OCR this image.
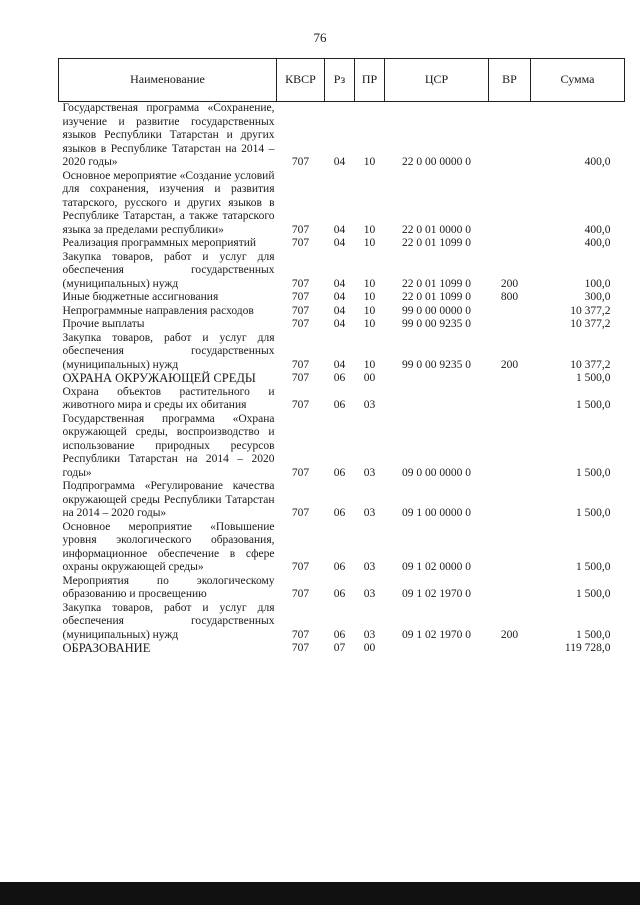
76
Наименование	КВСР	Рз	ПР	ЦСР	ВР	Сумма
Государственая программа «Сохранение, изучение и развитие государственных языков Республики Татарстан и других языков в Республике Татарстан на 2014 – 2020 годы»	707	04	10	22 0 00 0000 0		400,0
Основное мероприятие «Создание условий для сохранения, изучения и развития татарского, русского и других языков в Республике Татарстан, а также татарского языка за пределами республики»	707	04	10	22 0 01 0000 0		400,0
Реализация программных мероприятий	707	04	10	22 0 01 1099 0		400,0
Закупка товаров, работ и услуг для обеспечения государственных (муниципальных) нужд	707	04	10	22 0 01 1099 0	200	100,0
Иные бюджетные ассигнования	707	04	10	22 0 01 1099 0	800	300,0
Непрограммные направления расходов	707	04	10	99 0 00 0000 0		10 377,2
Прочие выплаты	707	04	10	99 0 00 9235 0		10 377,2
Закупка товаров, работ и услуг для обеспечения государственных (муниципальных) нужд	707	04	10	99 0 00 9235 0	200	10 377,2
ОХРАНА ОКРУЖАЮЩЕЙ СРЕДЫ	707	06	00			1 500,0
Охрана объектов растительного и животного мира и среды их обитания	707	06	03			1 500,0
Государственная программа «Охрана окружающей среды, воспроизводство и использование природных ресурсов Республики Татарстан на 2014 – 2020 годы»	707	06	03	09 0 00 0000 0		1 500,0
Подпрограмма «Регулирование качества окружающей среды Республики Татарстан на 2014 – 2020 годы»	707	06	03	09 1 00 0000 0		1 500,0
Основное мероприятие «Повышение уровня экологического образования, информационное обеспечение в сфере охраны окружающей среды»	707	06	03	09 1 02 0000 0		1 500,0
Мероприятия по экологическому образованию и просвещению	707	06	03	09 1 02 1970 0		1 500,0
Закупка товаров, работ и услуг для обеспечения государственных (муниципальных) нужд	707	06	03	09 1 02 1970 0	200	1 500,0
ОБРАЗОВАНИЕ	707	07	00			119 728,0
